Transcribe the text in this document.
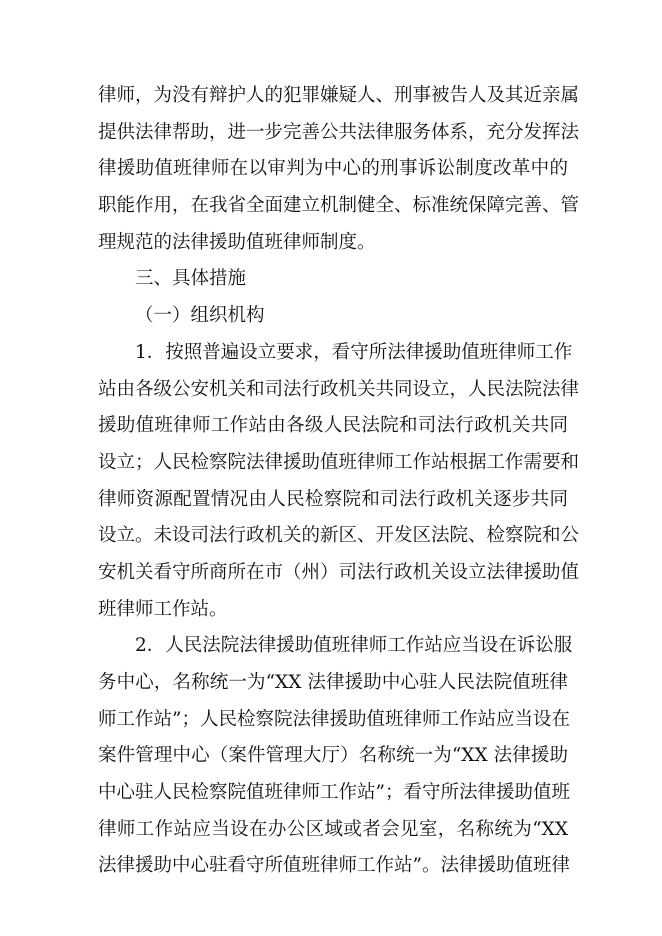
律师，为没有辩护人的犯罪嫌疑人、刑事被告人及其近亲属
提供法律帮助，进一步完善公共法律服务体系，充分发挥法
律援助值班律师在以审判为中心的刑事诉讼制度改革中的
职能作用，在我省全面建立机制健全、标准统保障完善、管
理规范的法律援助值班律师制度。
三、具体措施
（一）组织机构
1．按照普遍设立要求，看守所法律援助值班律师工作
站由各级公安机关和司法行政机关共同设立，人民法院法律
援助值班律师工作站由各级人民法院和司法行政机关共同
设立；人民检察院法律援助值班律师工作站根据工作需要和
律师资源配置情况由人民检察院和司法行政机关逐步共同
设立。未设司法行政机关的新区、开发区法院、检察院和公
安机关看守所商所在市（州）司法行政机关设立法律援助值
班律师工作站。
2．人民法院法律援助值班律师工作站应当设在诉讼服
务中心，名称统一为“XX 法律援助中心驻人民法院值班律
师工作站”；人民检察院法律援助值班律师工作站应当设在
案件管理中心（案件管理大厅）名称统一为“XX 法律援助
中心驻人民检察院值班律师工作站”；看守所法律援助值班
律师工作站应当设在办公区域或者会见室，名称统为“XX
法律援助中心驻看守所值班律师工作站”。法律援助值班律
